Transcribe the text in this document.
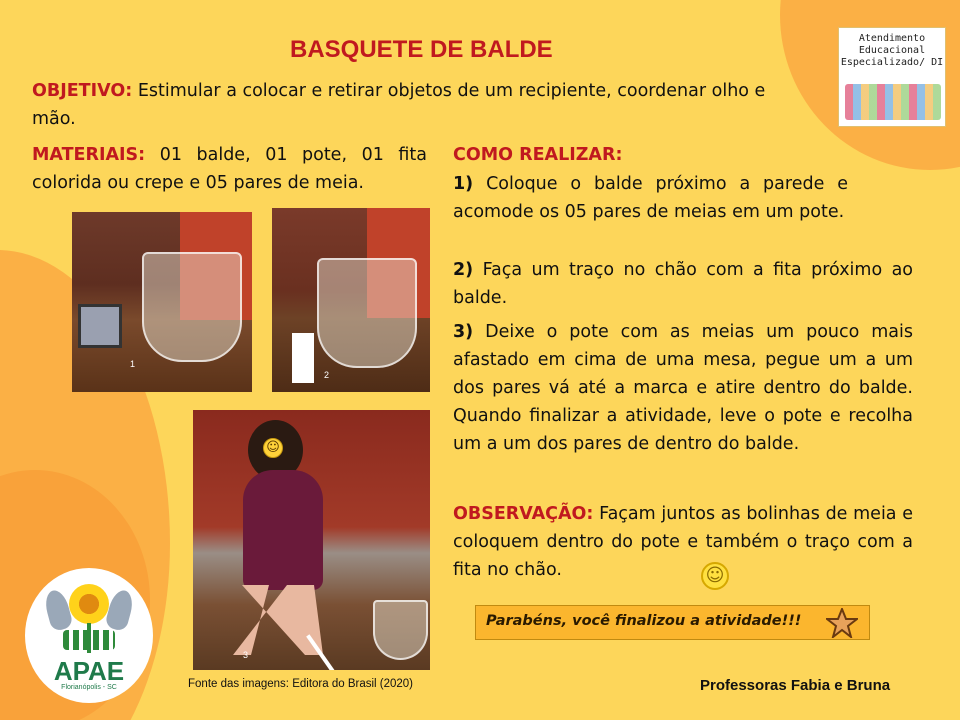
BASQUETE DE BALDE
OBJETIVO: Estimular a colocar e retirar objetos de um recipiente, coordenar olho e mão.
MATERIAIS: 01 balde, 01 pote, 01 fita colorida ou crepe e 05 pares de meia.
COMO REALIZAR:
1) Coloque o balde próximo a parede e acomode os 05 pares de meias em um pote.
2) Faça um traço no chão com a fita próximo ao balde.
3) Deixe o pote com as meias um pouco mais afastado em cima de uma mesa, pegue um a um dos pares vá até a marca e atire dentro do balde. Quando finalizar a atividade, leve o pote e recolha um a um dos pares de dentro do balde.
OBSERVAÇÃO: Façam juntos as bolinhas de meia e coloquem dentro do pote e também o traço com a fita no chão.
1
2
☺
3
Fonte das imagens: Editora do Brasil (2020)
Atendimento Educacional Especializado/ DI
APAE
Florianópolis - SC
☺
Parabéns, você finalizou a atividade!!!
Professoras Fabia e Bruna
